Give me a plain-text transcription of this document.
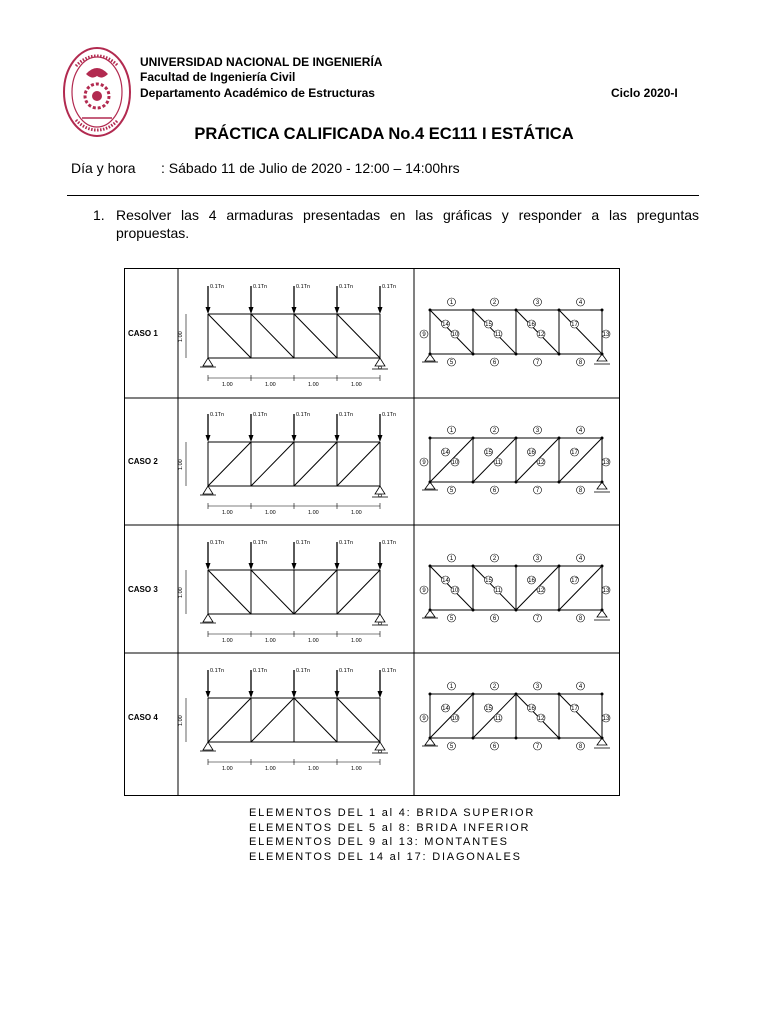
UNIVERSIDAD NACIONAL DE INGENIERÍA
Facultad de Ingeniería Civil
Departamento Académico de Estructuras	Ciclo 2020-I
PRÁCTICA CALIFICADA No.4 EC111 I ESTÁTICA
Día y hora : Sábado 11 de Julio de 2020 - 12:00 – 14:00hrs
1. Resolver las 4 armaduras presentadas en las gráficas y responder a las preguntas propuestas.
CASO 1
0.1Tn	0.1Tn	0.1Tn	0.1Tn	0.1Tn
1.00
1.00	1.00	1.00	1.00
1
5
14
2
6
15
3
7
16
4
8
17
9	10	11	12	13
CASO 2
0.1Tn	0.1Tn	0.1Tn	0.1Tn	0.1Tn
1.00
1.00	1.00	1.00	1.00
1
5
14
2
6
15
3
7
16
4
8
17
9	10	11	12	13
CASO 3
0.1Tn	0.1Tn	0.1Tn	0.1Tn	0.1Tn
1.00
1.00	1.00	1.00	1.00
1
5
14
2
6
15
3
7
16
4
8
17
9	10	11	12	13
CASO 4
0.1Tn	0.1Tn	0.1Tn	0.1Tn	0.1Tn
1.00
1.00	1.00	1.00	1.00
1
5
14
2
6
15
3
7
16
4
8
17
9	10	11	12	13
ELEMENTOS DEL 1 al 4: BRIDA SUPERIOR
ELEMENTOS DEL 5 al 8: BRIDA INFERIOR
ELEMENTOS DEL 9 al 13: MONTANTES
ELEMENTOS DEL 14 al 17: DIAGONALES
